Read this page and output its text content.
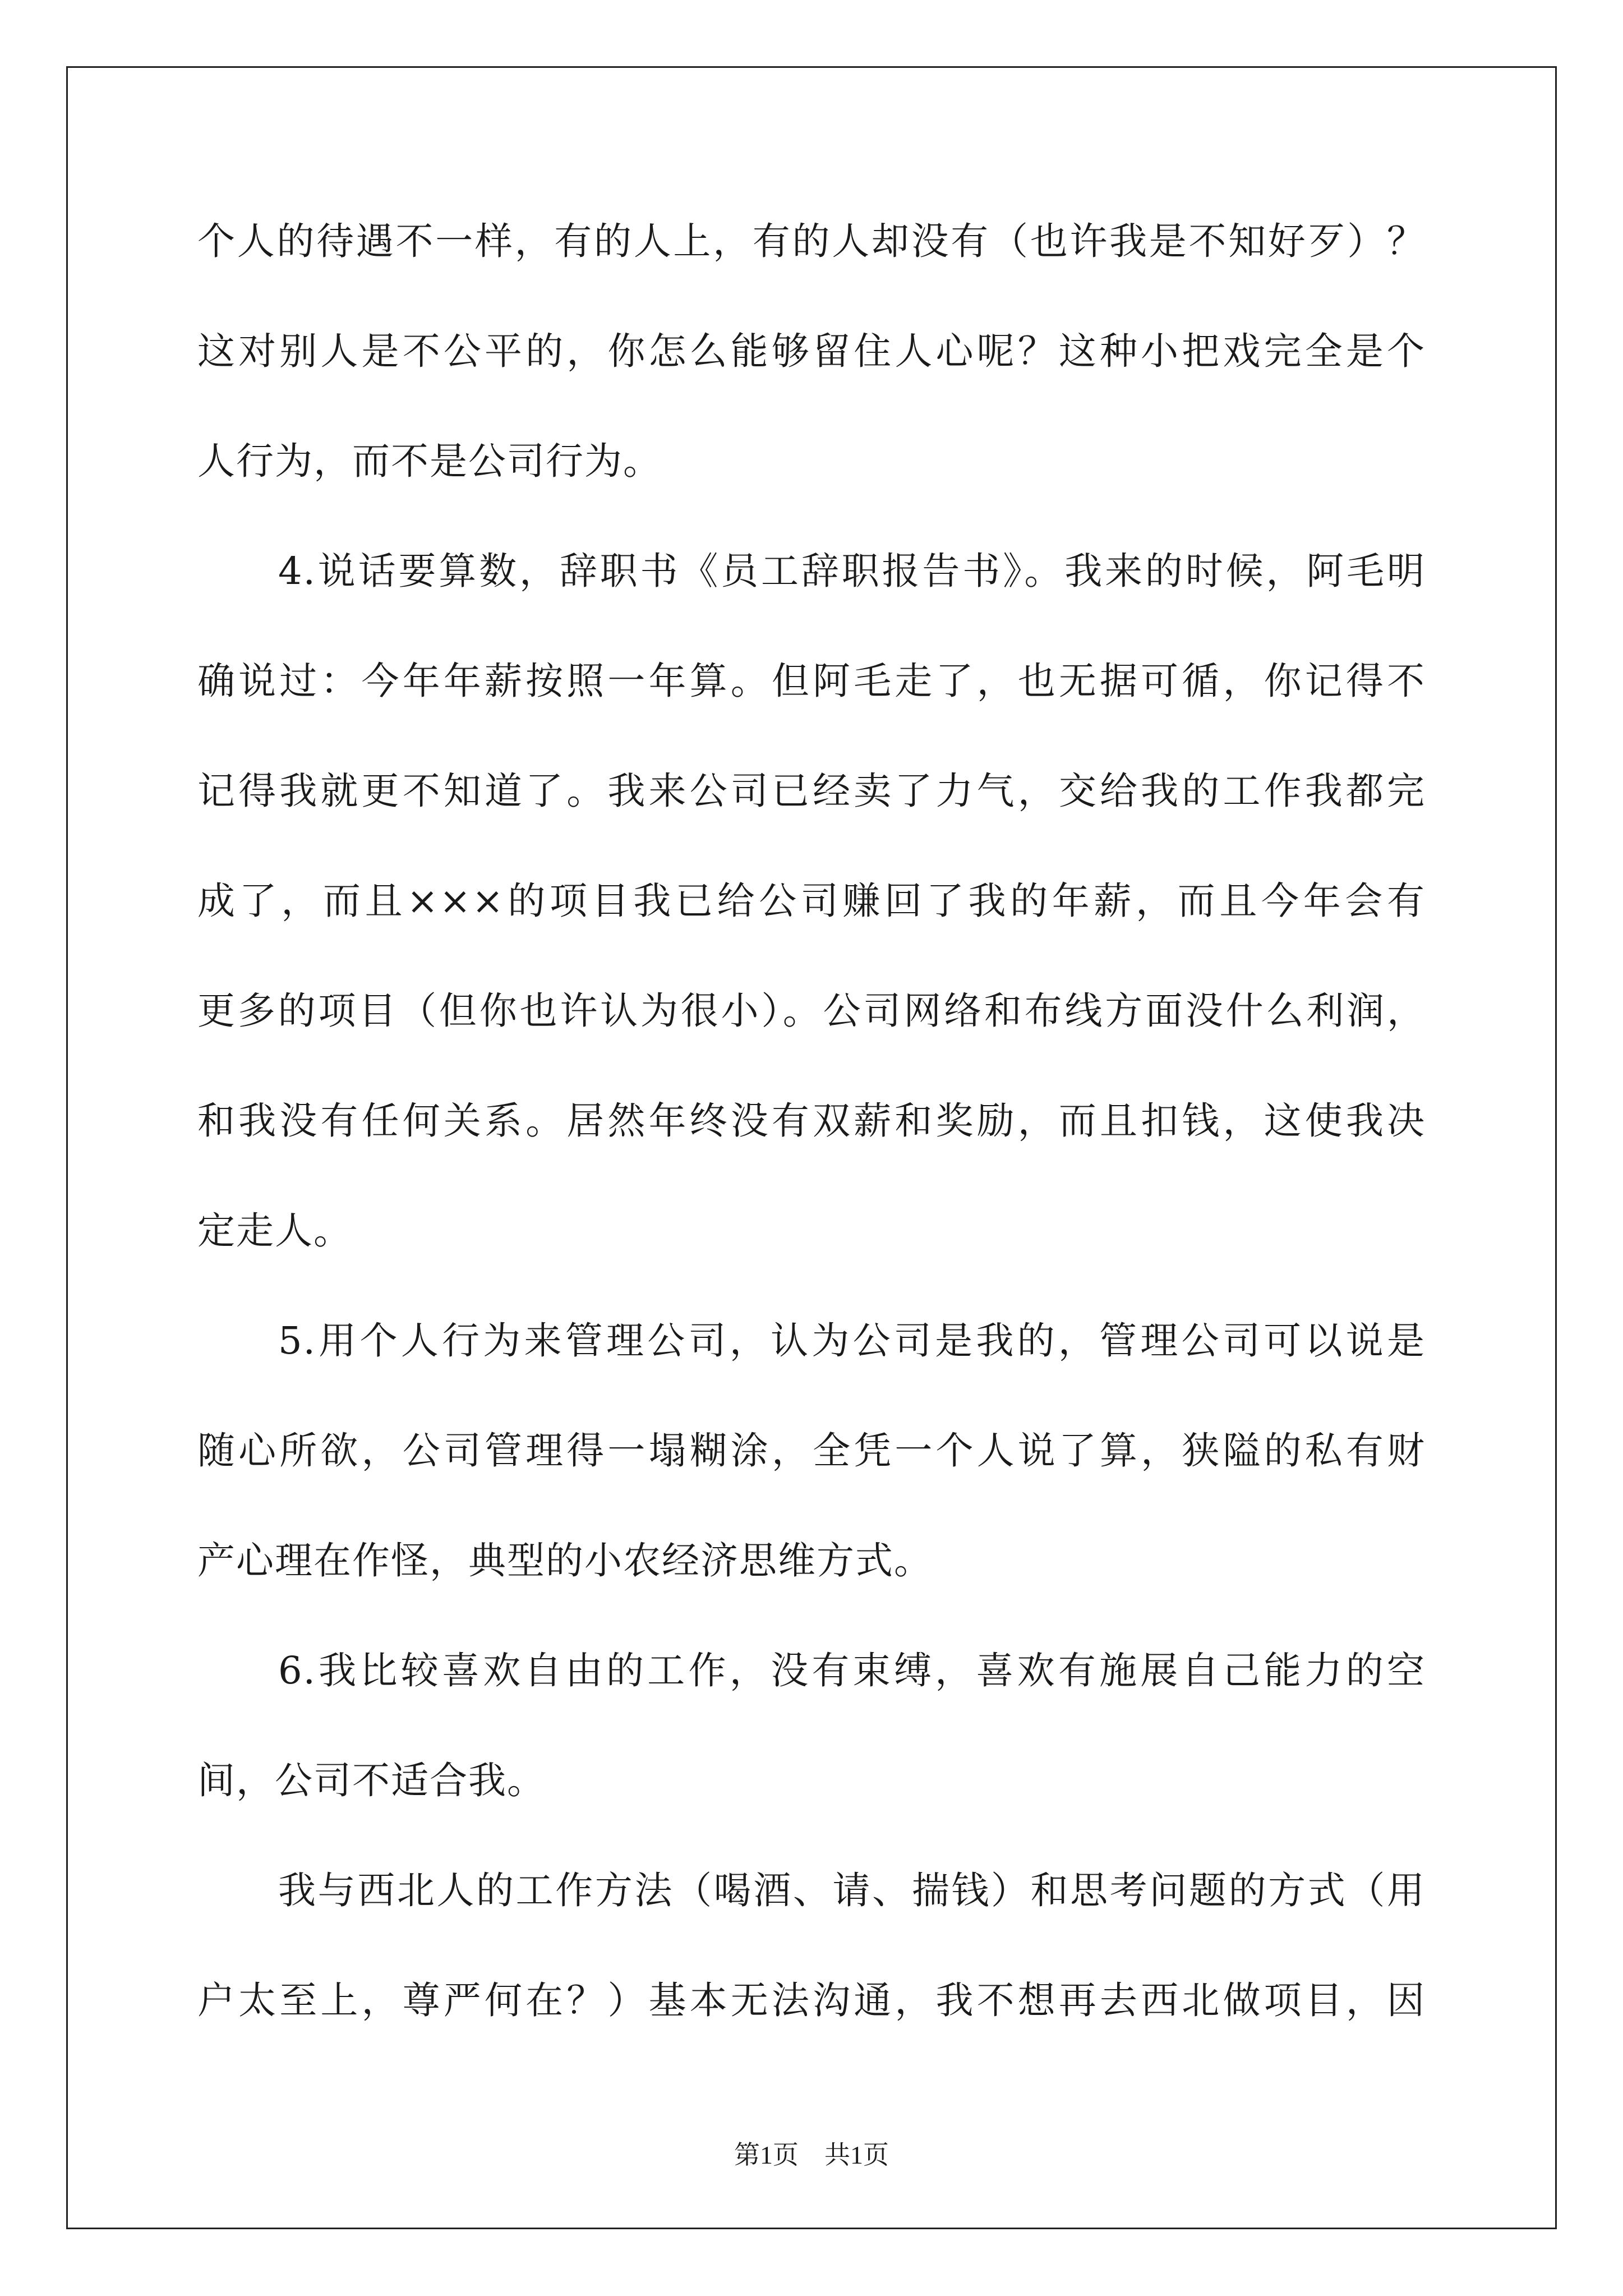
个人的待遇不一样，有的人上，有的人却没有（也许我是不知好歹）？
这对别人是不公平的，你怎么能够留住人心呢？这种小把戏完全是个
人行为，而不是公司行为。
4.说话要算数，辞职书《员工辞职报告书》。我来的时候，阿毛明
确说过：今年年薪按照一年算。但阿毛走了，也无据可循，你记得不
记得我就更不知道了。我来公司已经卖了力气，交给我的工作我都完
成了，而且×××的项目我已给公司赚回了我的年薪，而且今年会有
更多的项目（但你也许认为很小）。公司网络和布线方面没什么利润，
和我没有任何关系。居然年终没有双薪和奖励，而且扣钱，这使我决
定走人。
5.用个人行为来管理公司，认为公司是我的，管理公司可以说是
随心所欲，公司管理得一塌糊涂，全凭一个人说了算，狭隘的私有财
产心理在作怪，典型的小农经济思维方式。
6.我比较喜欢自由的工作，没有束缚，喜欢有施展自己能力的空
间，公司不适合我。
我与西北人的工作方法（喝酒、请、揣钱）和思考问题的方式（用
户太至上，尊严何在？）基本无法沟通，我不想再去西北做项目，因
第1页 共1页
